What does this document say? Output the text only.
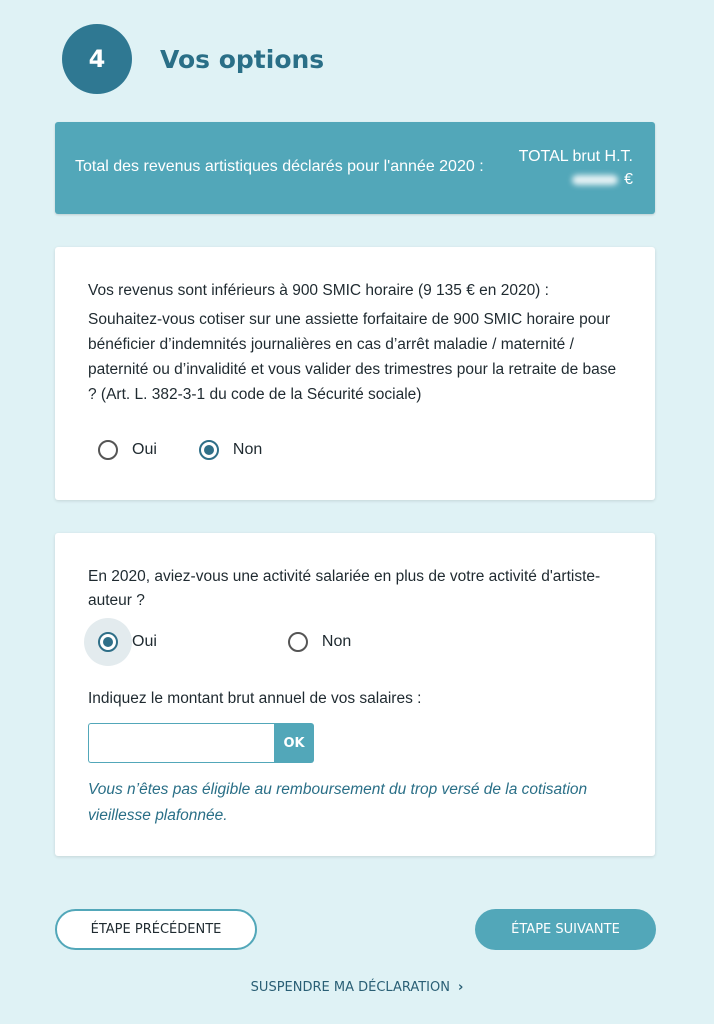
4	Vos options
Total des revenus artistiques déclarés pour l'année 2020 :
TOTAL brut H.T.
€
Vos revenus sont inférieurs à 900 SMIC horaire (9 135 € en 2020) :
Souhaitez-vous cotiser sur une assiette forfaitaire de 900 SMIC horaire pour bénéficier d’indemnités journalières en cas d’arrêt maladie / maternité / paternité ou d’invalidité et vous valider des trimestres pour la retraite de base ? (Art. L. 382-3-1 du code de la Sécurité sociale)
Oui	Non
En 2020, aviez-vous une activité salariée en plus de votre activité d'artiste-auteur ?
Oui	Non
Indiquez le montant brut annuel de vos salaires :
OK
Vous n’êtes pas éligible au remboursement du trop versé de la cotisation vieillesse plafonnée.
ÉTAPE PRÉCÉDENTE	ÉTAPE SUIVANTE
SUSPENDRE MA DÉCLARATION ›
